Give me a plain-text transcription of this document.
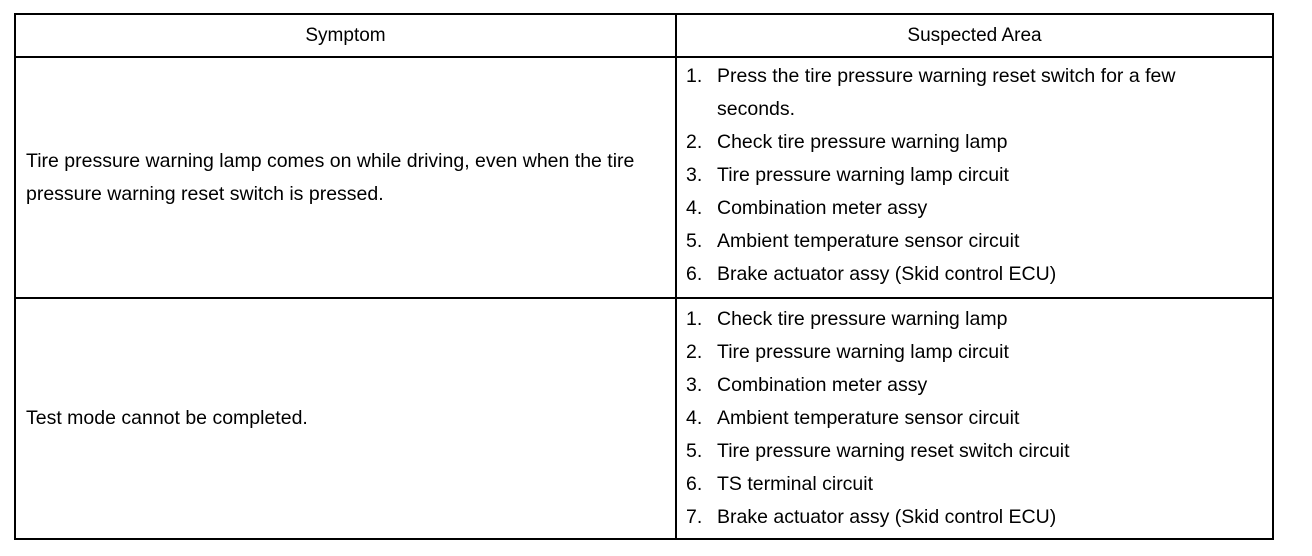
Symptom	Suspected Area
Tire pressure warning lamp comes on while driving, even when the tire pressure warning reset switch is pressed.
1. Press the tire pressure warning reset switch for a few seconds.
2. Check tire pressure warning lamp
3. Tire pressure warning lamp circuit
4. Combination meter assy
5. Ambient temperature sensor circuit
6. Brake actuator assy (Skid control ECU)
Test mode cannot be completed.
1. Check tire pressure warning lamp
2. Tire pressure warning lamp circuit
3. Combination meter assy
4. Ambient temperature sensor circuit
5. Tire pressure warning reset switch circuit
6. TS terminal circuit
7. Brake actuator assy (Skid control ECU)
